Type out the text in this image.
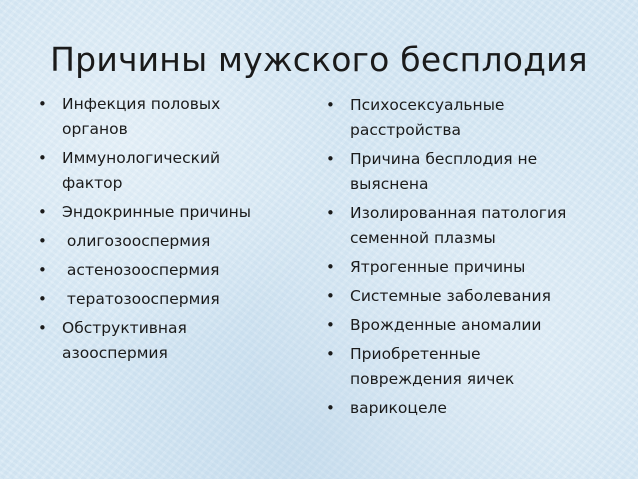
Причины мужского бесплодия
• Инфекция половых органов
• Иммунологический фактор
• Эндокринные причины
• олигозооспермия
• астенозооспермия
• тератозооспермия
• Обструктивная азооспермия
• Психосексуальные расстройства
• Причина бесплодия не выяснена
• Изолированная патология семенной плазмы
• Ятрогенные причины
• Системные заболевания
• Врожденные аномалии
• Приобретенные повреждения яичек
• варикоцеле
